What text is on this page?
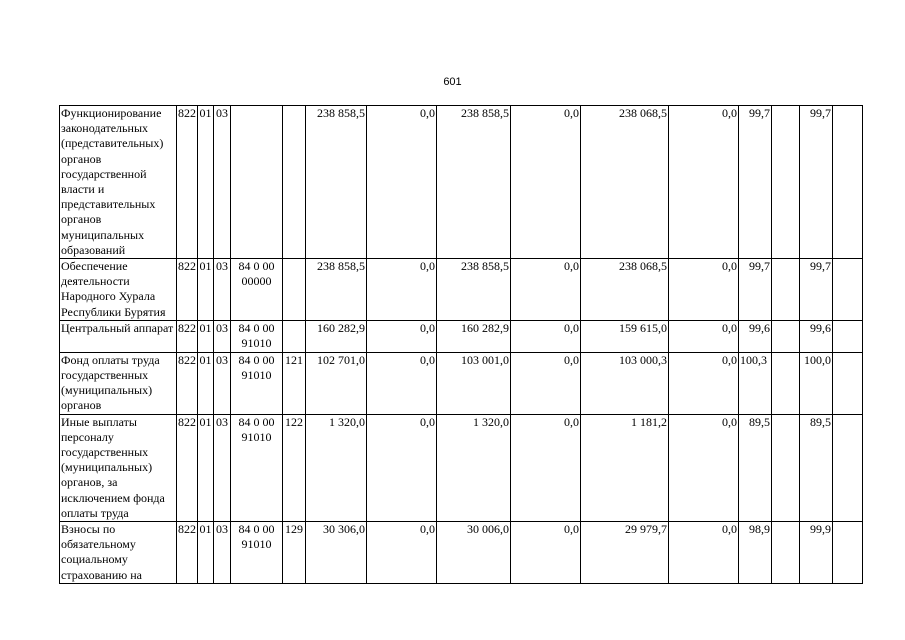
601
Функционирование законодательных (представительных) органов государственной власти и представительных органов муниципальных образований	822	01	03			238 858,5	0,0	238 858,5	0,0	238 068,5	0,0	99,7		99,7	
Обеспечение деятельности Народного Хурала Республики Бурятия	822	01	03	84 0 00 00000		238 858,5	0,0	238 858,5	0,0	238 068,5	0,0	99,7		99,7	
Центральный аппарат	822	01	03	84 0 00 91010		160 282,9	0,0	160 282,9	0,0	159 615,0	0,0	99,6		99,6	
Фонд оплаты труда государственных (муниципальных) органов	822	01	03	84 0 00 91010	121	102 701,0	0,0	103 001,0	0,0	103 000,3	0,0	100,3		100,0	
Иные выплаты персоналу государственных (муниципальных) органов, за исключением фонда оплаты труда	822	01	03	84 0 00 91010	122	1 320,0	0,0	1 320,0	0,0	1 181,2	0,0	89,5		89,5	
Взносы по обязательному социальному страхованию на	822	01	03	84 0 00 91010	129	30 306,0	0,0	30 006,0	0,0	29 979,7	0,0	98,9		99,9	
